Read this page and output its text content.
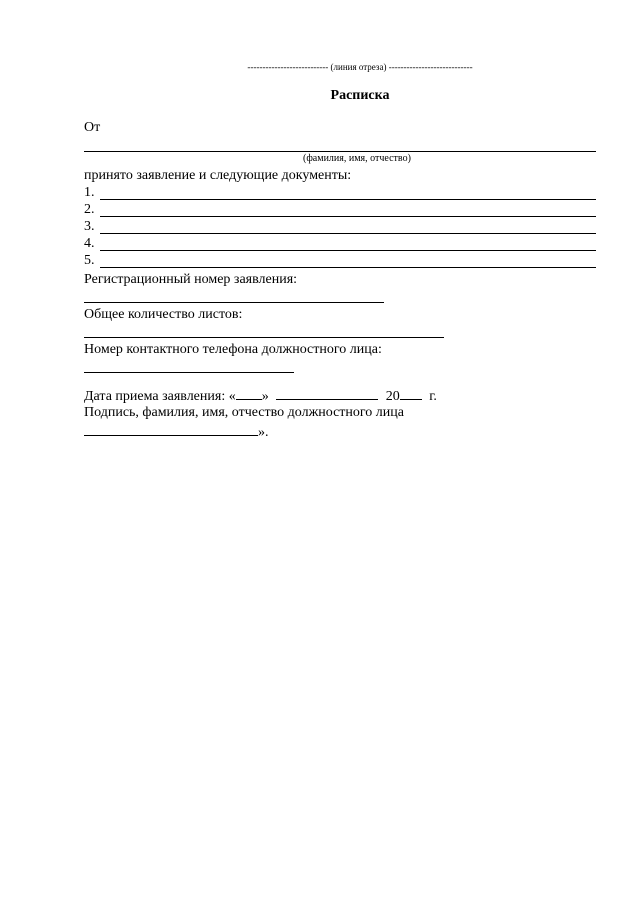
--------------------------- (линия отреза) ----------------------------
Расписка
От
(фамилия, имя, отчество)
принято заявление и следующие документы:
1.
2.
3.
4.
5.
Регистрационный номер заявления:
Общее количество листов:
Номер контактного телефона должностного лица:
Дата приема заявления: « »	20 г.
Подпись, фамилия, имя, отчество должностного лица
».
